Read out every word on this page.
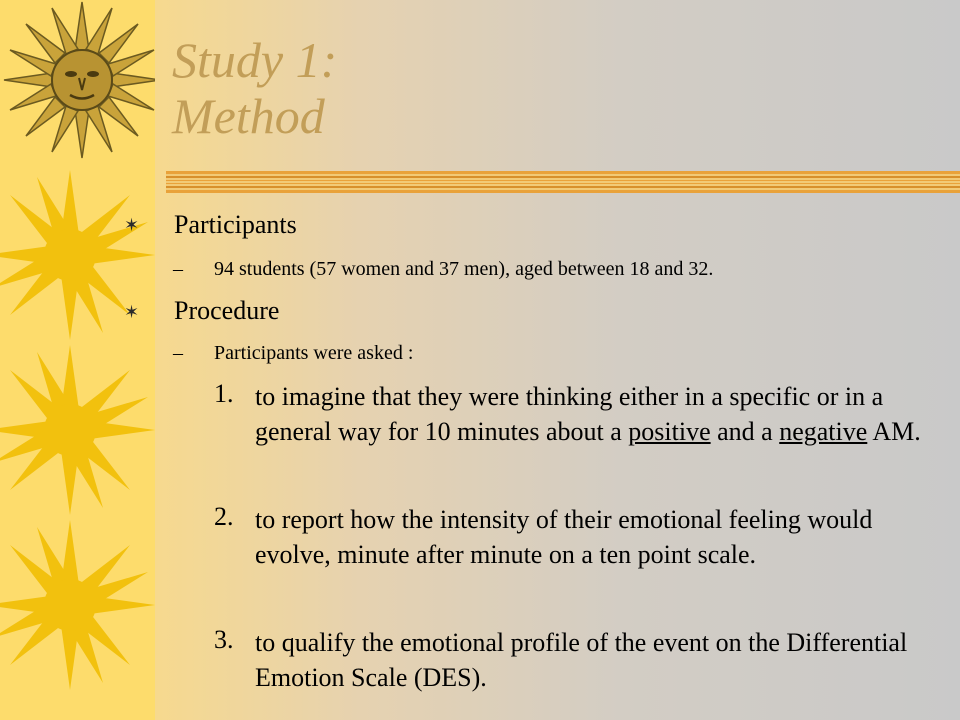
Study 1:
Method
✶ Participants
– 94 students (57 women and 37 men), aged between 18 and 32.
✶ Procedure
– Participants were asked :
1. to imagine that they were thinking either in a specific or in a general way for 10 minutes about a positive and a negative AM.

2. to report how the intensity of their emotional feeling would evolve, minute after minute on a ten point scale.

3. to qualify the emotional profile of the event on the Differential Emotion Scale (DES).
